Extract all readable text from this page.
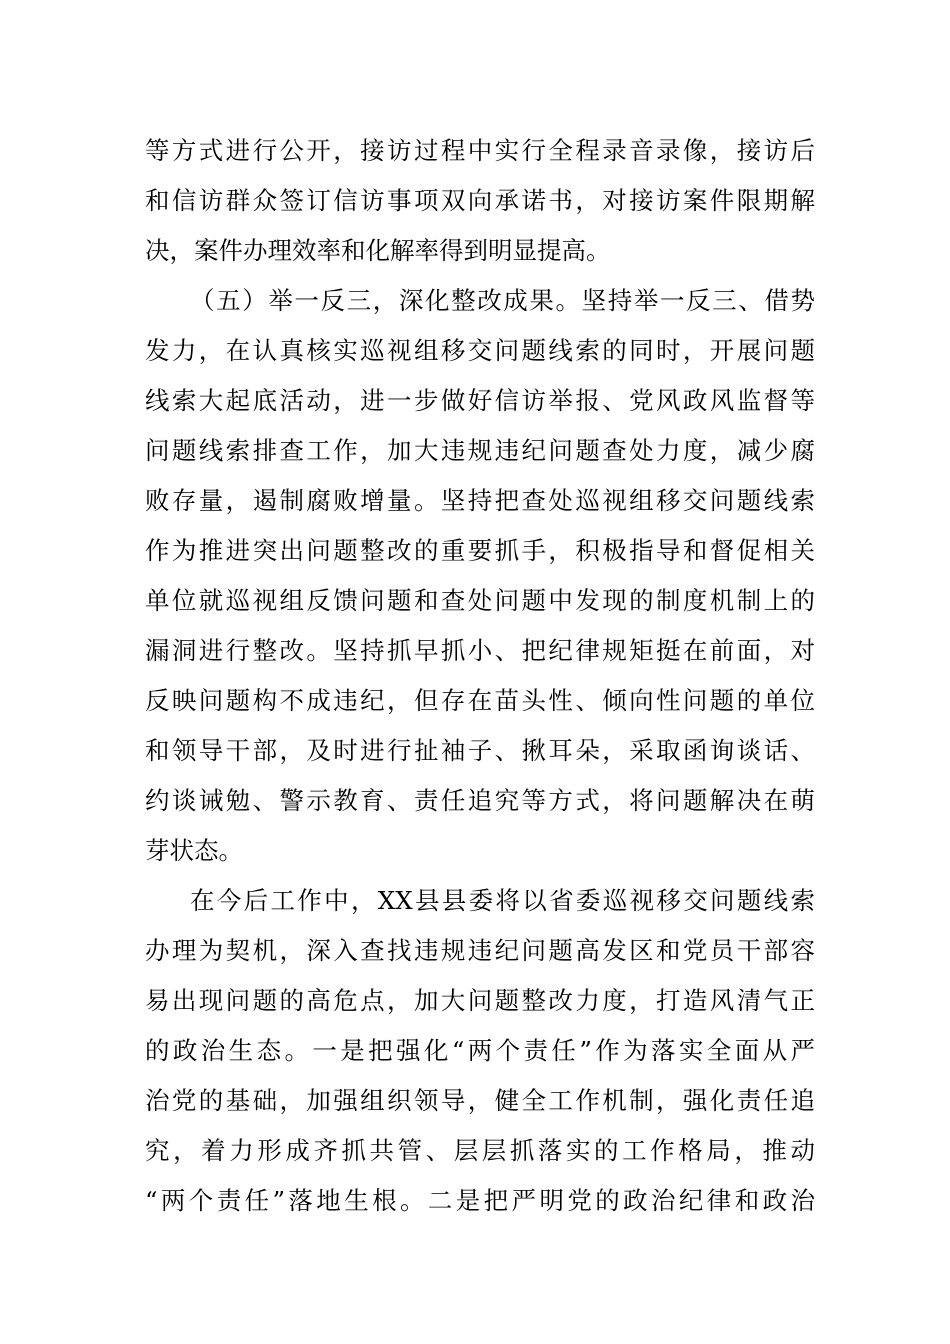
等方式进行公开，接访过程中实行全程录音录像，接访后
和信访群众签订信访事项双向承诺书，对接访案件限期解
决，案件办理效率和化解率得到明显提高。
（五）举一反三，深化整改成果。坚持举一反三、借势
发力，在认真核实巡视组移交问题线索的同时，开展问题
线索大起底活动，进一步做好信访举报、党风政风监督等
问题线索排查工作，加大违规违纪问题查处力度，减少腐
败存量，遏制腐败增量。坚持把查处巡视组移交问题线索
作为推进突出问题整改的重要抓手，积极指导和督促相关
单位就巡视组反馈问题和查处问题中发现的制度机制上的
漏洞进行整改。坚持抓早抓小、把纪律规矩挺在前面，对
反映问题构不成违纪，但存在苗头性、倾向性问题的单位
和领导干部，及时进行扯袖子、揪耳朵，采取函询谈话、
约谈诫勉、警示教育、责任追究等方式，将问题解决在萌
芽状态。
在今后工作中，XX县县委将以省委巡视移交问题线索
办理为契机，深入查找违规违纪问题高发区和党员干部容
易出现问题的高危点，加大问题整改力度，打造风清气正
的政治生态。一是把强化“两个责任”作为落实全面从严
治党的基础，加强组织领导，健全工作机制，强化责任追
究，着力形成齐抓共管、层层抓落实的工作格局，推动
“两个责任”落地生根。二是把严明党的政治纪律和政治
